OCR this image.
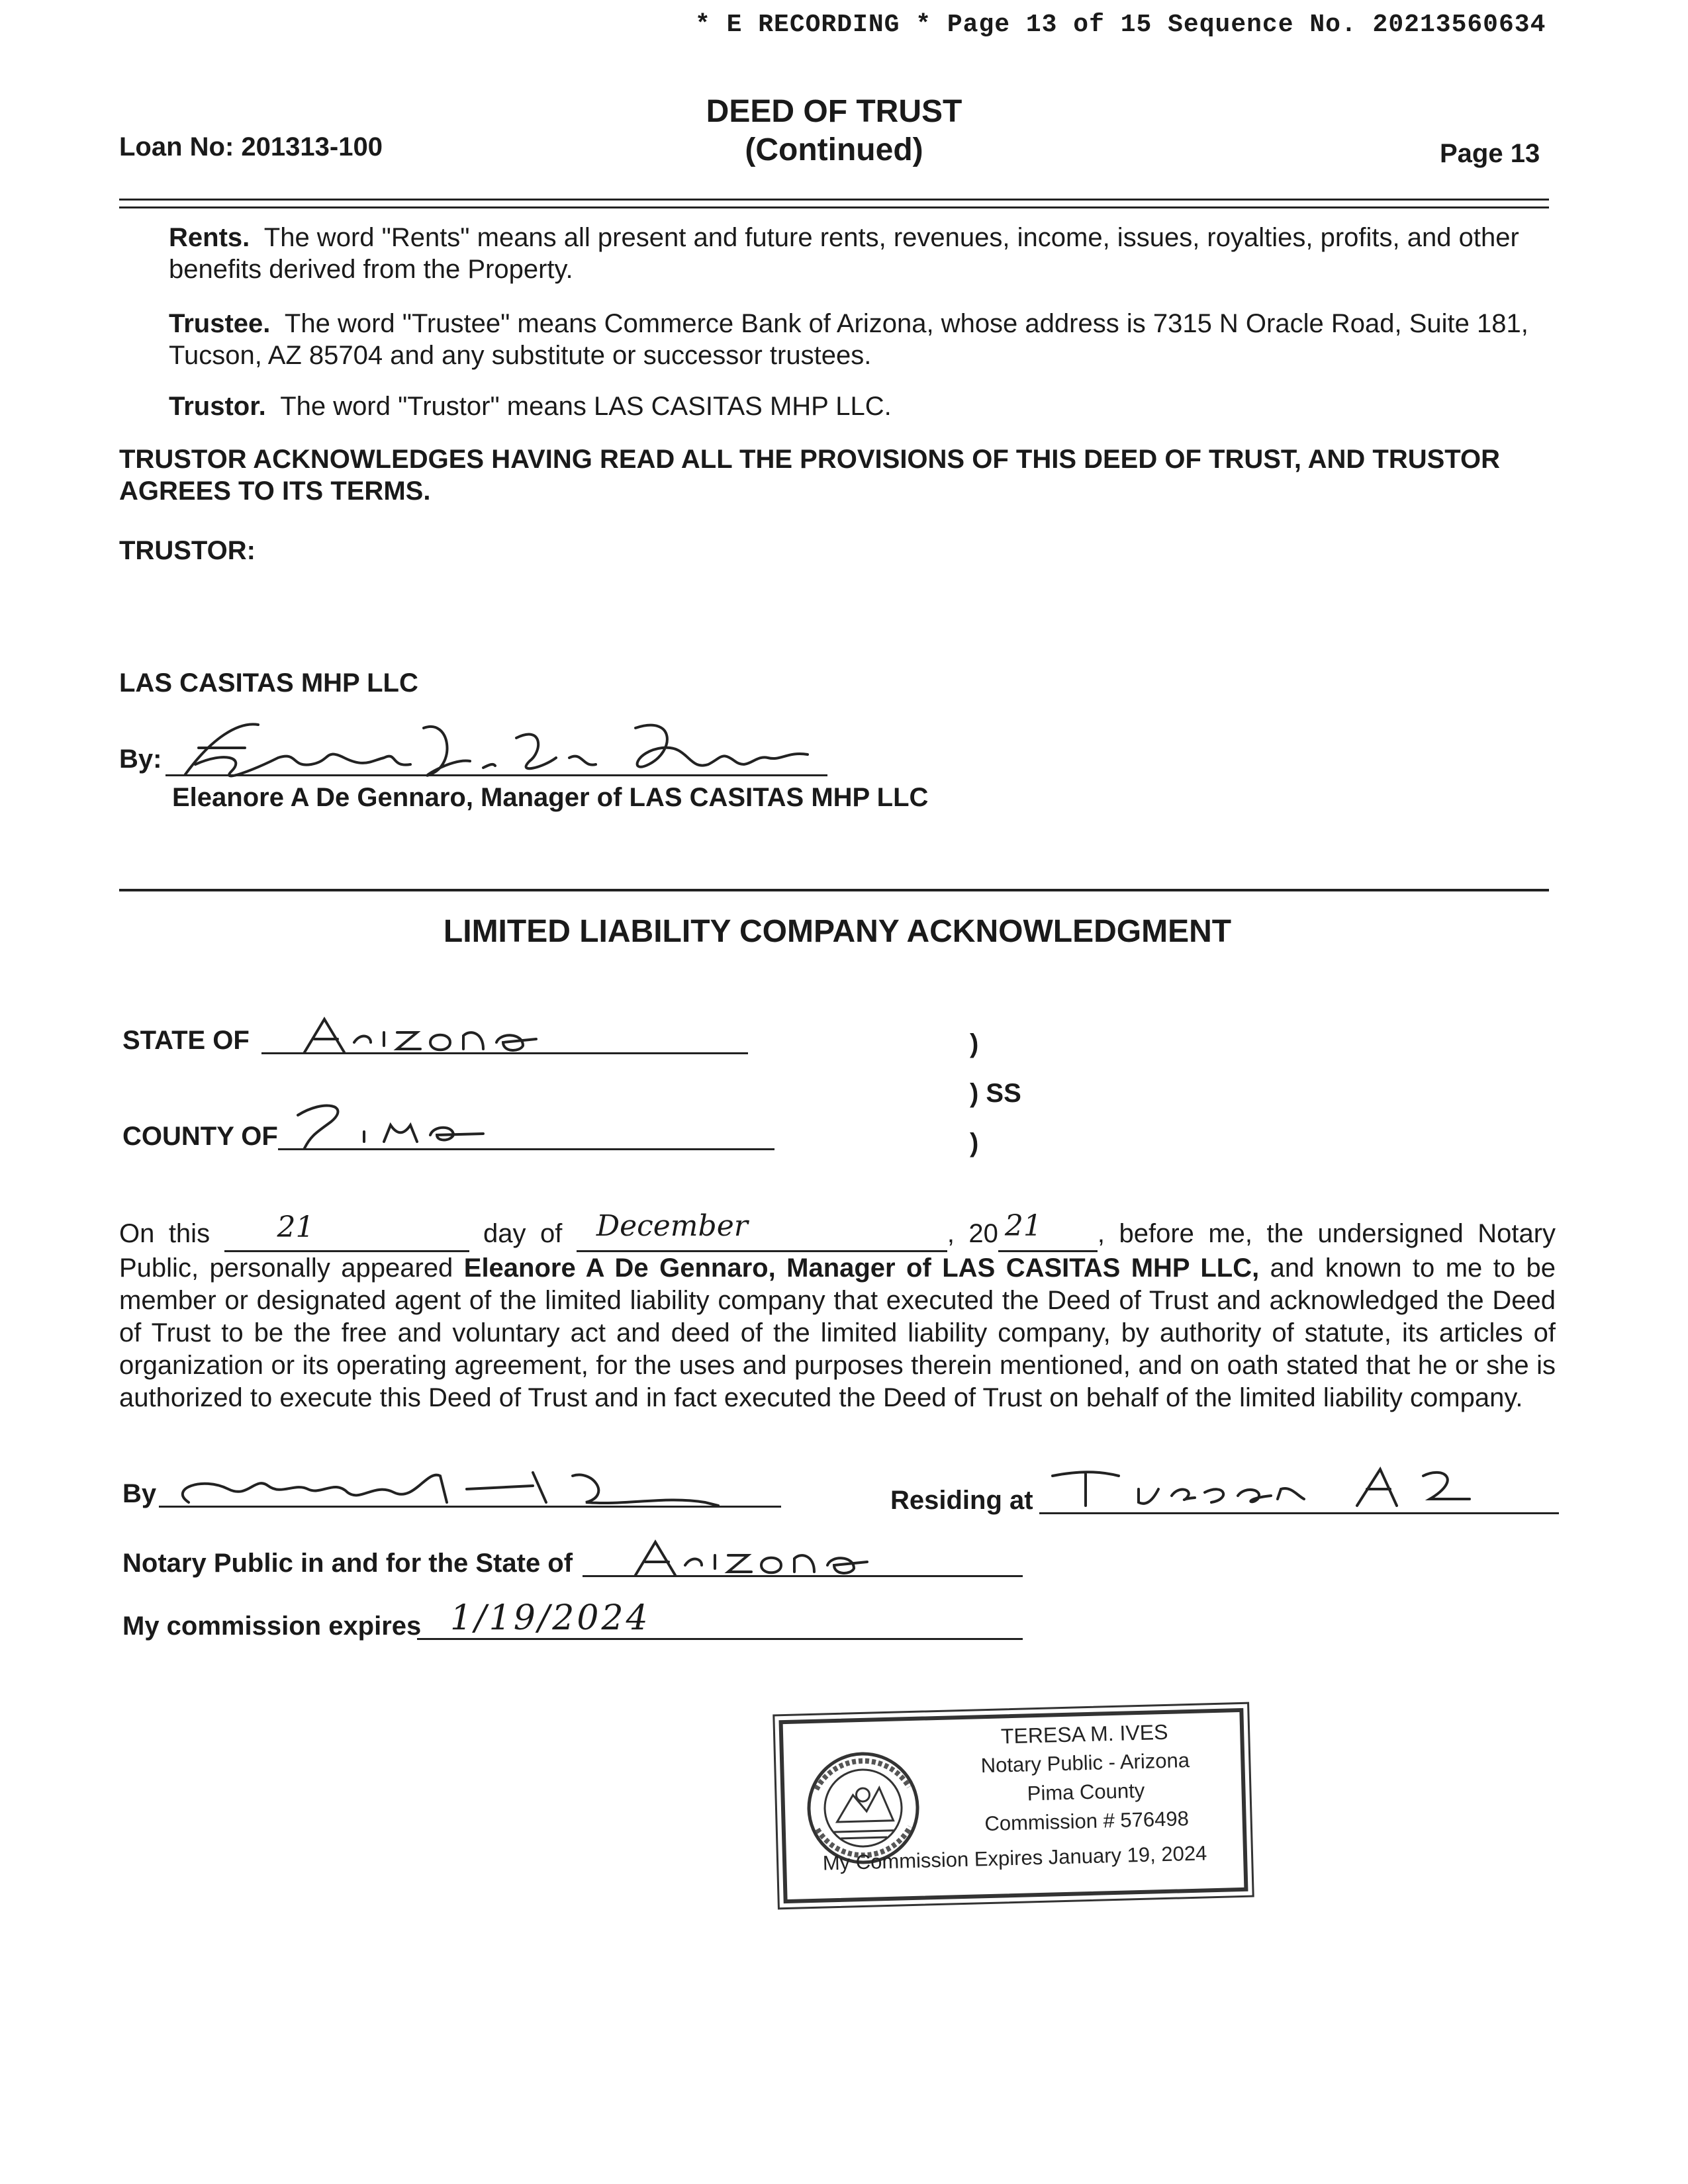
* E RECORDING * Page 13 of 15 Sequence No. 20213560634
Loan No: 201313-100
DEED OF TRUST
(Continued)	Page 13
Rents. The word "Rents" means all present and future rents, revenues, income, issues, royalties, profits, and other benefits derived from the Property.
Trustee. The word "Trustee" means Commerce Bank of Arizona, whose address is 7315 N Oracle Road, Suite 181, Tucson, AZ 85704 and any substitute or successor trustees.
Trustor. The word "Trustor" means LAS CASITAS MHP LLC.
TRUSTOR ACKNOWLEDGES HAVING READ ALL THE PROVISIONS OF THIS DEED OF TRUST, AND TRUSTOR AGREES TO ITS TERMS.
TRUSTOR:
LAS CASITAS MHP LLC
By:
Eleanore A De Gennaro, Manager of LAS CASITAS MHP LLC
LIMITED LIABILITY COMPANY ACKNOWLEDGMENT
STATE OF	)
) SS
)
COUNTY OF
On this 21	day of December	, 20 21 , before me, the undersigned Notary Public, personally appeared Eleanore A De Gennaro, Manager of LAS CASITAS MHP LLC, and known to me to be member or designated agent of the limited liability company that executed the Deed of Trust and acknowledged the Deed of Trust to be the free and voluntary act and deed of the limited liability company, by authority of statute, its articles of organization or its operating agreement, for the uses and purposes therein mentioned, and on oath stated that he or she is authorized to execute this Deed of Trust and in fact executed the Deed of Trust on behalf of the limited liability company.
By	Residing at
Notary Public in and for the State of
My commission expires 1/19/2024
TERESA M. IVES
Notary Public - Arizona
Pima County
Commission # 576498
My Commission Expires January 19, 2024
